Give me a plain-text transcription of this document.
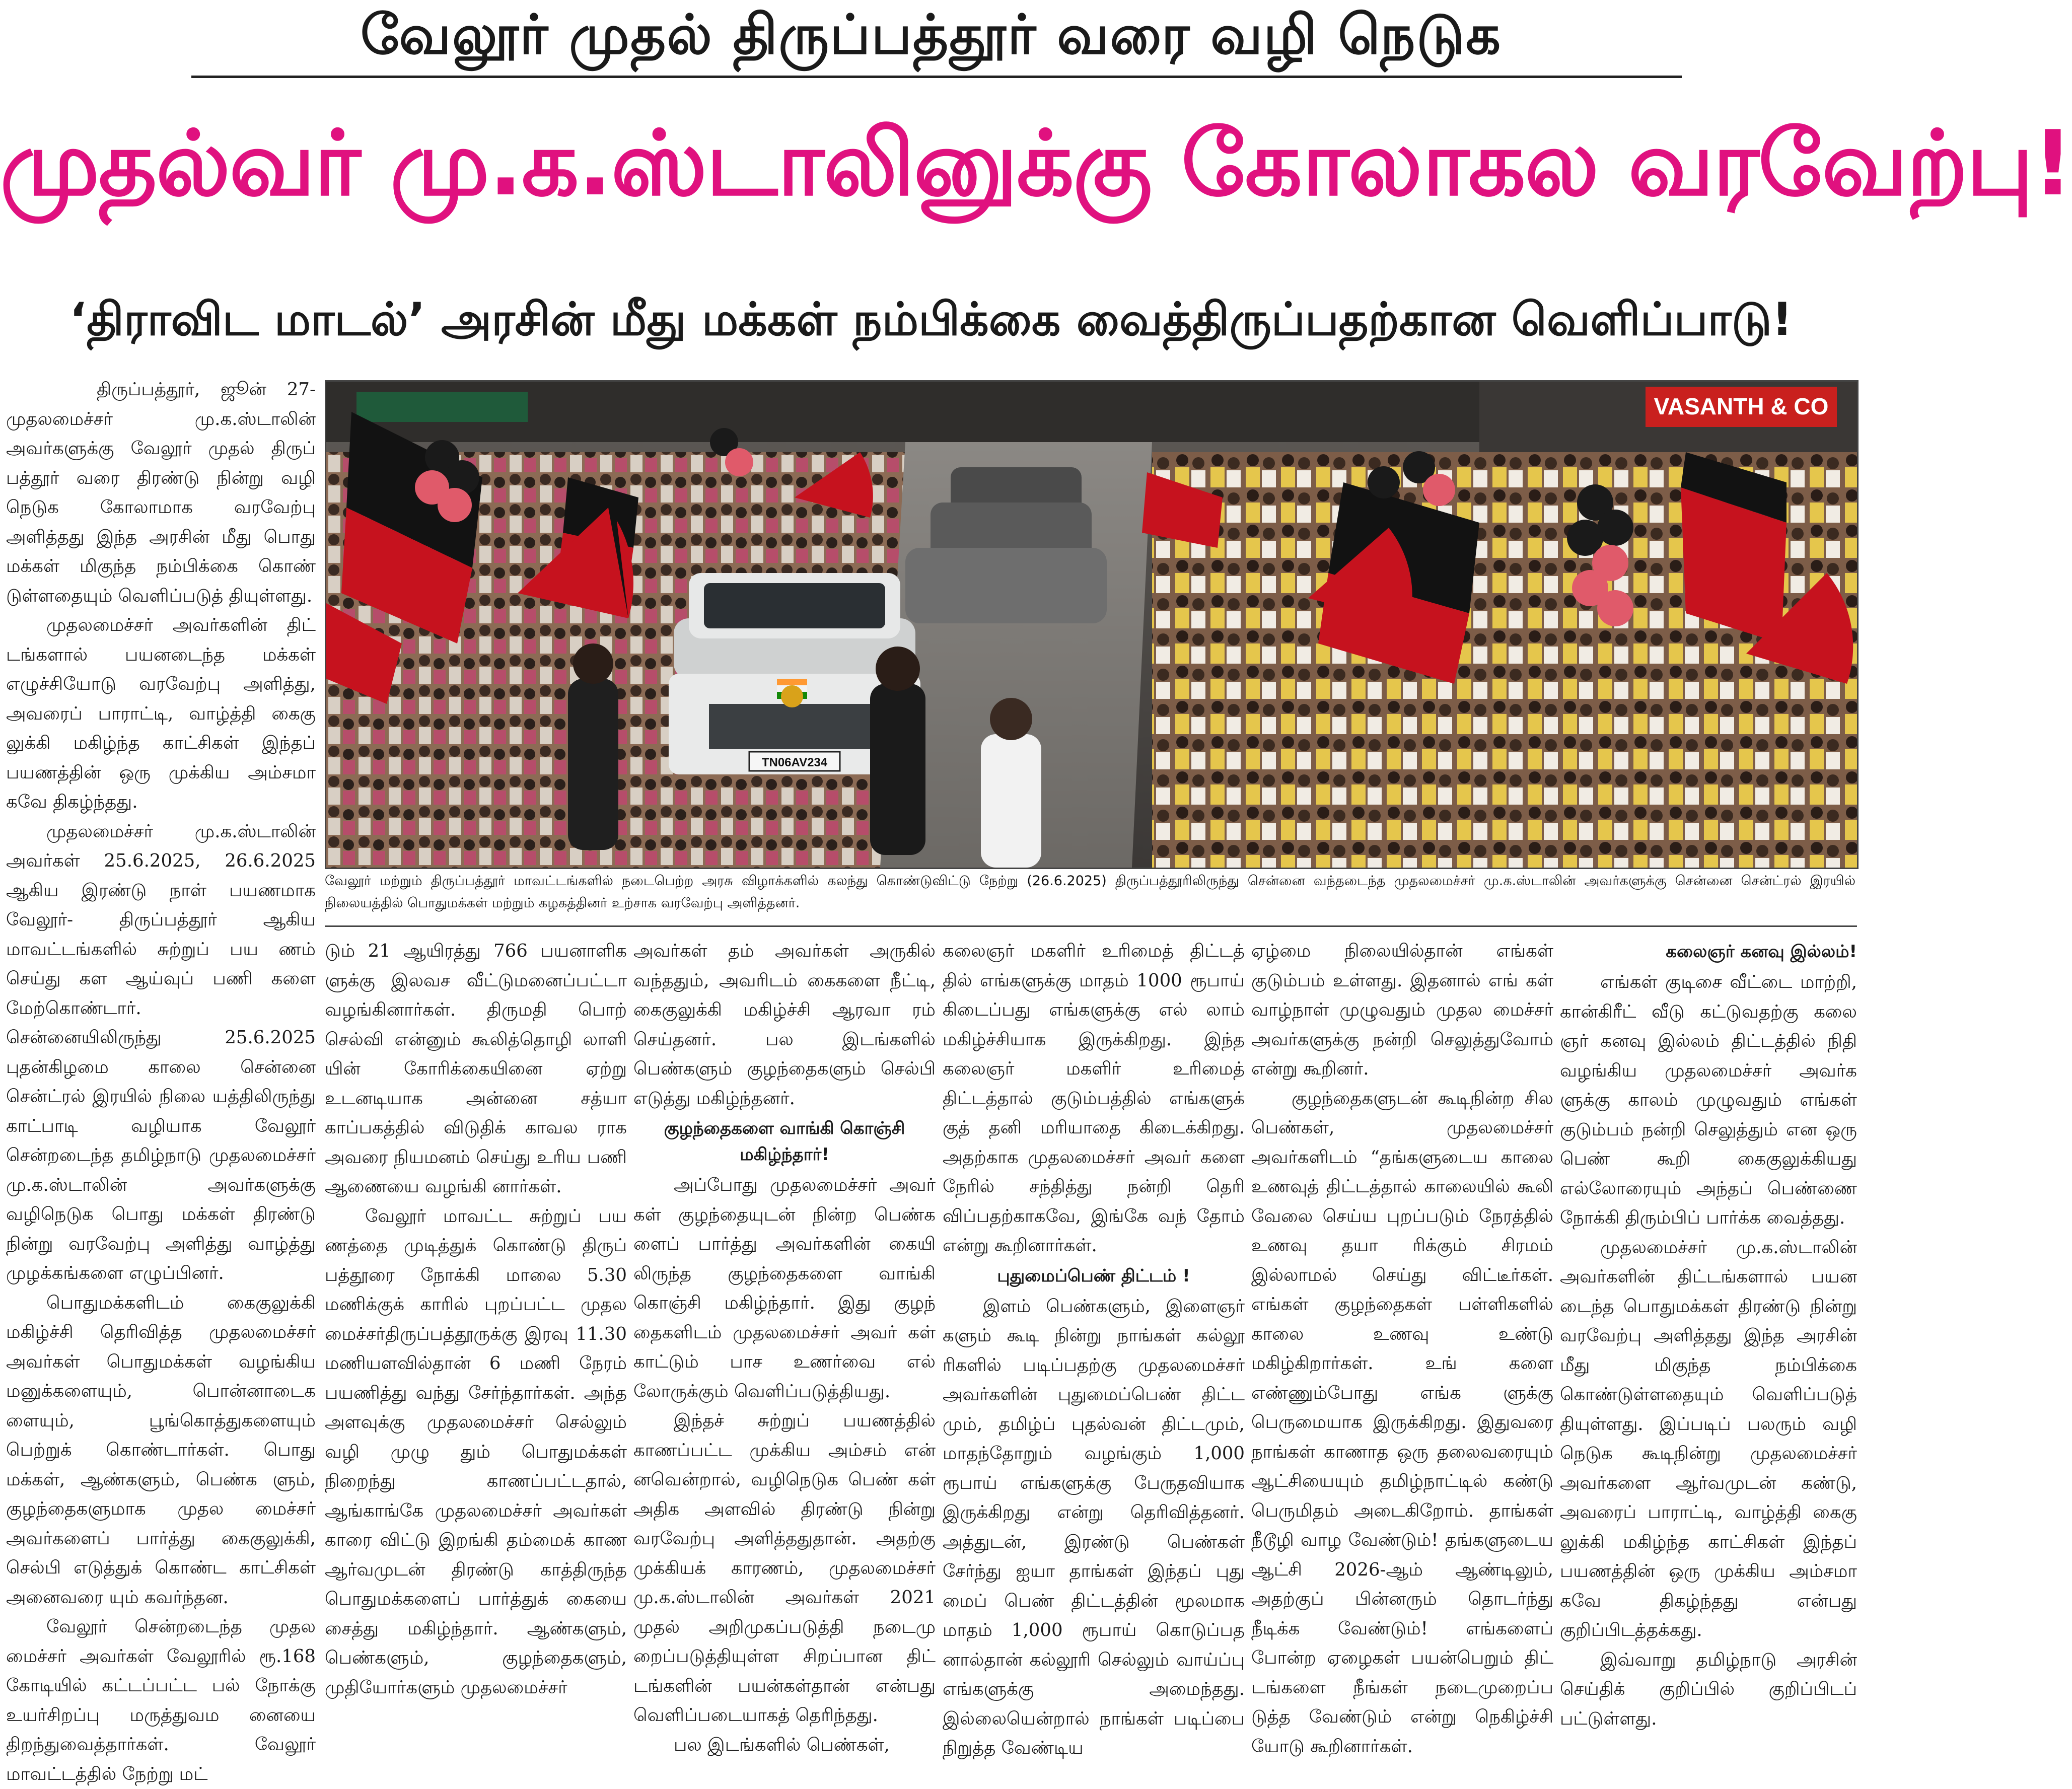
வேலூர் முதல் திருப்பத்தூர் வரை வழி நெடுக
முதல்வர் மு.க.ஸ்டாலினுக்கு கோலாகல வரவேற்பு!
‘திராவிட மாடல்’ அரசின் மீது மக்கள் நம்பிக்கை வைத்திருப்பதற்கான வெளிப்பாடு!

திருப்பத்தூர், ஜூன் 27- முதலமைச்சர் மு.க.ஸ்டாலின் அவர்களுக்கு வேலூர் முதல் திருப் பத்தூர் வரை திரண்டு நின்று வழி நெடுக கோலாமாக வரவேற்பு அளித்தது இந்த அரசின் மீது பொது மக்கள் மிகுந்த நம்பிக்கை கொண் டுள்ளதையும் வெளிப்படுத் தியுள்ளது.

முதலமைச்சர் அவர்களின் திட் டங்களால் பயனடைந்த மக்கள் எழுச்சியோடு வரவேற்பு அளித்து, அவரைப் பாராட்டி, வாழ்த்தி கைகு லுக்கி மகிழ்ந்த காட்சிகள் இந்தப் பயணத்தின் ஒரு முக்கிய அம்சமா கவே திகழ்ந்தது.

முதலமைச்சர் மு.க.ஸ்டாலின் அவர்கள் 25.6.2025, 26.6.2025 ஆகிய இரண்டு நாள் பயணமாக வேலூர்- திருப்பத்தூர் ஆகிய மாவட்டங்களில் சுற்றுப் பய ணம் செய்து கள ஆய்வுப் பணி களை மேற்கொண்டார்.

சென்னையிலிருந்து 25.6.2025 புதன்கிழமை காலை சென்னை சென்ட்ரல் இரயில் நிலை யத்திலிருந்து காட்பாடி வழியாக வேலூர் சென்றடைந்த தமிழ்நாடு முதலமைச்சர் மு.க.ஸ்டாலின் அவர்களுக்கு வழிநெடுக பொது மக்கள் திரண்டு நின்று வரவேற்பு அளித்து வாழ்த்து முழக்கங்களை எழுப்பினர்.

பொதுமக்களிடம் கைகுலுக்கி மகிழ்ச்சி தெரிவித்த முதலமைச்சர் அவர்கள் பொதுமக்கள் வழங்கிய மனுக்களையும், பொன்னாடைக ளையும், பூங்கொத்துகளையும் பெற்றுக் கொண்டார்கள். பொது மக்கள், ஆண்களும், பெண்க ளும், குழந்தைகளுமாக முதல மைச்சர் அவர்களைப் பார்த்து கைகுலுக்கி, செல்பி எடுத்துக் கொண்ட காட்சிகள் அனைவரை யும் கவர்ந்தன.

வேலூர் சென்றடைந்த முதல மைச்சர் அவர்கள் வேலூரில் ரூ.168 கோடியில் கட்டப்பட்ட பல் நோக்கு உயர்சிறப்பு மருத்துவம னையை திறந்துவைத்தார்கள். வேலூர் மாவட்டத்தில் நேற்று மட்

VASANTH & CO
TN06AV234
வேலூர் மற்றும் திருப்பத்தூர் மாவட்டங்களில் நடைபெற்ற அரசு விழாக்களில் கலந்து கொண்டுவிட்டு நேற்று (26.6.2025) திருப்பத்தூரிலிருந்து சென்னை வந்தடைந்த முதலமைச்சர் மு.க.ஸ்டாலின் அவர்களுக்கு சென்னை சென்ட்ரல் இரயில் நிலையத்தில் பொதுமக்கள் மற்றும் கழகத்தினர் உற்சாக வரவேற்பு அளித்தனர்.

டும் 21 ஆயிரத்து 766 பயனாளிக ளுக்கு இலவச வீட்டுமனைப்பட்டா வழங்கினார்கள். திருமதி பொற் செல்வி என்னும் கூலித்தொழி லாளி யின் கோரிக்கையினை ஏற்று உடனடியாக அன்னை சத்யா காப்பகத்தில் விடுதிக் காவல ராக அவரை நியமனம் செய்து உரிய பணி ஆணையை வழங்கி னார்கள்.

வேலூர் மாவட்ட சுற்றுப் பய ணத்தை முடித்துக் கொண்டு திருப் பத்தூரை நோக்கி மாலை 5.30 மணிக்குக் காரில் புறப்பட்ட முதல மைச்சர்திருப்பத்தூருக்கு இரவு 11.30 மணியளவில்தான் 6 மணி நேரம் பயணித்து வந்து சேர்ந்தார்கள். அந்த அளவுக்கு முதலமைச்சர் செல்லும் வழி முழு தும் பொதுமக்கள் நிறைந்து காணப்பட்டதால், ஆங்காங்கே முதலமைச்சர் அவர்கள் காரை விட்டு இறங்கி தம்மைக் காண ஆர்வமுடன் திரண்டு காத்திருந்த பொதுமக்களைப் பார்த்துக் கையை சைத்து மகிழ்ந்தார். ஆண்களும், பெண்களும், குழந்தைகளும், முதியோர்களும் முதலமைச்சர்

அவர்கள் தம் அவர்கள் அருகில் வந்ததும், அவரிடம் கைகளை நீட்டி, கைகுலுக்கி மகிழ்ச்சி ஆரவா ரம் செய்தனர். பல இடங்களில் பெண்களும் குழந்தைகளும் செல்பி எடுத்து மகிழ்ந்தனர்.

குழந்தைகளை வாங்கி கொஞ்சி மகிழ்ந்தார்!

அப்போது முதலமைச்சர் அவர் கள் குழந்தையுடன் நின்ற பெண்க ளைப் பார்த்து அவர்களின் கையி லிருந்த குழந்தைகளை வாங்கி கொஞ்சி மகிழ்ந்தார். இது குழந் தைகளிடம் முதலமைச்சர் அவர் கள் காட்டும் பாச உணர்வை எல் லோருக்கும் வெளிப்படுத்தியது.

இந்தச் சுற்றுப் பயணத்தில் காணப்பட்ட முக்கிய அம்சம் என் னவென்றால், வழிநெடுக பெண் கள் அதிக அளவில் திரண்டு நின்று வரவேற்பு அளித்ததுதான். அதற்கு முக்கியக் காரணம், முதலமைச்சர் மு.க.ஸ்டாலின் அவர்கள் 2021 முதல் அறிமுகப்படுத்தி நடைமு றைப்படுத்தியுள்ள சிறப்பான திட் டங்களின் பயன்கள்தான் என்பது வெளிப்படையாகத் தெரிந்தது.

பல இடங்களில் பெண்கள்,

கலைஞர் மகளிர் உரிமைத் திட்டத் தில் எங்களுக்கு மாதம் 1000 ரூபாய் கிடைப்பது எங்களுக்கு எல் லாம் மகிழ்ச்சியாக இருக்கிறது. இந்த கலைஞர் மகளிர் உரிமைத் திட்டத்தால் குடும்பத்தில் எங்களுக் குத் தனி மரியாதை கிடைக்கிறது. அதற்காக முதலமைச்சர் அவர் களை நேரில் சந்தித்து நன்றி தெரி விப்பதற்காகவே, இங்கே வந் தோம் என்று கூறினார்கள்.

புதுமைப்பெண் திட்டம் !

இளம் பெண்களும், இளைஞர் களும் கூடி நின்று நாங்கள் கல்லூ ரிகளில் படிப்பதற்கு முதலமைச்சர் அவர்களின் புதுமைப்பெண் திட்ட மும், தமிழ்ப் புதல்வன் திட்டமும், மாதந்தோறும் வழங்கும் 1,000 ரூபாய் எங்களுக்கு பேருதவியாக இருக்கிறது என்று தெரிவித்தனர். அத்துடன், இரண்டு பெண்கள் சேர்ந்து ஐயா தாங்கள் இந்தப் புது மைப் பெண் திட்டத்தின் மூலமாக மாதம் 1,000 ரூபாய் கொடுப்பத னால்தான் கல்லூரி செல்லும் வாய்ப்பு எங்களுக்கு அமைந்தது. இல்லையென்றால் நாங்கள் படிப்பை நிறுத்த வேண்டிய

ஏழ்மை நிலையில்தான் எங்கள் குடும்பம் உள்ளது. இதனால் எங் கள் வாழ்நாள் முழுவதும் முதல மைச்சர் அவர்களுக்கு நன்றி செலுத்துவோம் என்று கூறினர்.

குழந்தைகளுடன் கூடிநின்ற சில பெண்கள், முதலமைச்சர் அவர்களிடம் “தங்களுடைய காலை உணவுத் திட்டத்தால் காலையில் கூலி வேலை செய்ய புறப்படும் நேரத்தில் உணவு தயா ரிக்கும் சிரமம் இல்லாமல் செய்து விட்டீர்கள். எங்கள் குழந்தைகள் பள்ளிகளில் காலை உணவு உண்டு மகிழ்கிறார்கள். உங் களை எண்ணும்போது எங்க ளுக்கு பெருமையாக இருக்கிறது. இதுவரை நாங்கள் காணாத ஒரு தலைவரையும் ஆட்சியையும் தமிழ்நாட்டில் கண்டு பெருமிதம் அடைகிறோம். தாங்கள் நீடூழி வாழ வேண்டும்! தங்களுடைய ஆட்சி 2026-ஆம் ஆண்டிலும், அதற்குப் பின்னரும் தொடர்ந்து நீடிக்க வேண்டும்! எங்களைப் போன்ற ஏழைகள் பயன்பெறும் திட் டங்களை நீங்கள் நடைமுறைப்ப டுத்த வேண்டும் என்று நெகிழ்ச்சி யோடு கூறினார்கள்.

கலைஞர் கனவு இல்லம்!

எங்கள் குடிசை வீட்டை மாற்றி, கான்கிரீட் வீடு கட்டுவதற்கு கலை ஞர் கனவு இல்லம் திட்டத்தில் நிதி வழங்கிய முதலமைச்சர் அவர்க ளுக்கு காலம் முழுவதும் எங்கள் குடும்பம் நன்றி செலுத்தும் என ஒரு பெண் கூறி கைகுலுக்கியது எல்லோரையும் அந்தப் பெண்ணை நோக்கி திரும்பிப் பார்க்க வைத்தது.

முதலமைச்சர் மு.க.ஸ்டாலின் அவர்களின் திட்டங்களால் பயன டைந்த பொதுமக்கள் திரண்டு நின்று வரவேற்பு அளித்தது இந்த அரசின் மீது மிகுந்த நம்பிக்கை கொண்டுள்ளதையும் வெளிப்படுத் தியுள்ளது. இப்படிப் பலரும் வழி நெடுக கூடிநின்று முதலமைச்சர் அவர்களை ஆர்வமுடன் கண்டு, அவரைப் பாராட்டி, வாழ்த்தி கைகு லுக்கி மகிழ்ந்த காட்சிகள் இந்தப் பயணத்தின் ஒரு முக்கிய அம்சமா கவே திகழ்ந்தது என்பது குறிப்பிடத்தக்கது.

இவ்வாறு தமிழ்நாடு அரசின் செய்திக் குறிப்பில் குறிப்பிடப் பட்டுள்ளது.
